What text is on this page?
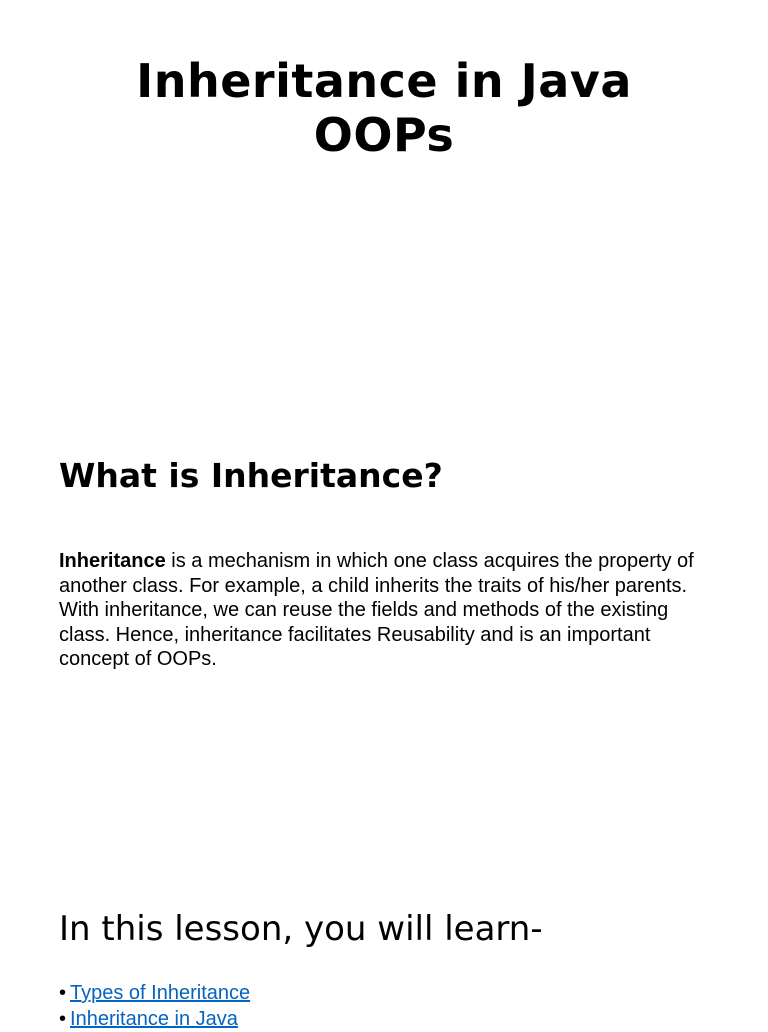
Inheritance in Java
OOPs
What is Inheritance?

Inheritance is a mechanism in which one class acquires the property of another class. For example, a child inherits the traits of his/her parents. With inheritance, we can reuse the fields and methods of the existing class. Hence, inheritance facilitates Reusability and is an important concept of OOPs.

In this lesson, you will learn-
• Types of Inheritance
• Inheritance in Java
